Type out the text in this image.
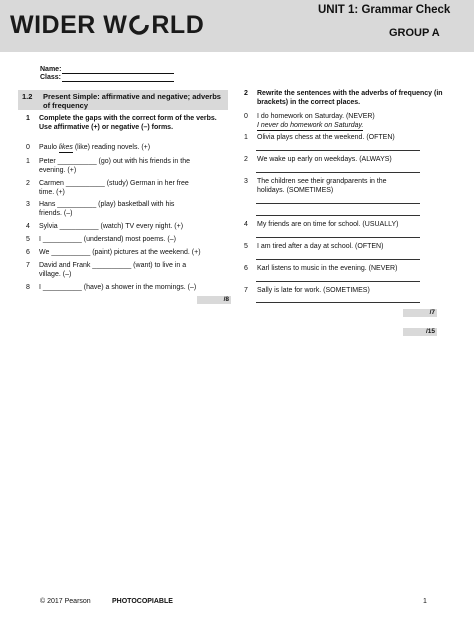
WIDER W RLD
UNIT 1: Grammar Check
GROUP A
Name:
Class:
1.2 Present Simple: affirmative and negative; adverbs of frequency
1 Complete the gaps with the correct form of the verbs. Use affirmative (+) or negative (–) forms.
0 Paulo likes (like) reading novels. (+)
1 Peter __________ (go) out with his friends in the
evening. (+)
2 Carmen __________ (study) German in her free
time. (+)
3 Hans __________ (play) basketball with his
friends. (–)
4 Sylvia __________ (watch) TV every night. (+)
5 I __________ (understand) most poems. (–)
6 We __________ (paint) pictures at the weekend. (+)
7 David and Frank __________ (want) to live in a
village. (–)
8 I __________ (have) a shower in the mornings. (–)
/8
2 Rewrite the sentences with the adverbs of frequency (in brackets) in the correct places.
0 I do homework on Saturday. (NEVER)
I never do homework on Saturday.
1 Olivia plays chess at the weekend. (OFTEN)
2 We wake up early on weekdays. (ALWAYS)
3 The children see their grandparents in the
holidays. (SOMETIMES)
4 My friends are on time for school. (USUALLY)
5 I am tired after a day at school. (OFTEN)
6 Karl listens to music in the evening. (NEVER)
7 Sally is late for work. (SOMETIMES)
/7
/15
© 2017 Pearson	PHOTOCOPIABLE	1
